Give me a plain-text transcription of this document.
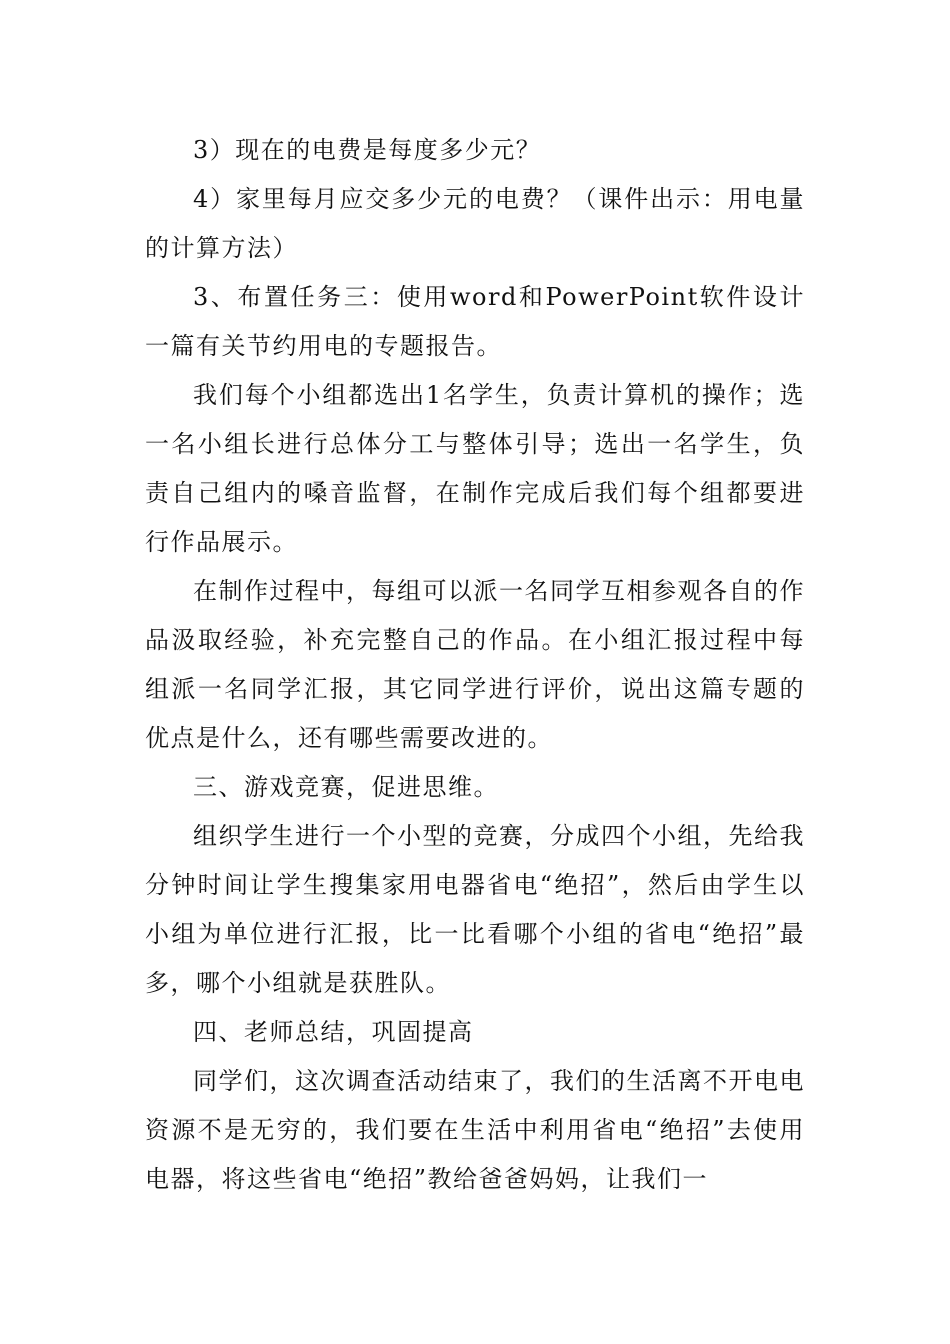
3）现在的电费是每度多少元？

4）家里每月应交多少元的电费？（课件出示：用电量的计算方法）

3、布置任务三：使用word和PowerPoint软件设计一篇有关节约用电的专题报告。

我们每个小组都选出1名学生，负责计算机的操作；选一名小组长进行总体分工与整体引导；选出一名学生，负责自己组内的嗓音监督，在制作完成后我们每个组都要进行作品展示。

在制作过程中，每组可以派一名同学互相参观各自的作品汲取经验，补充完整自己的作品。在小组汇报过程中每组派一名同学汇报，其它同学进行评价，说出这篇专题的优点是什么，还有哪些需要改进的。

三、游戏竞赛，促进思维。

组织学生进行一个小型的竞赛，分成四个小组，先给我分钟时间让学生搜集家用电器省电“绝招”，然后由学生以小组为单位进行汇报，比一比看哪个小组的省电“绝招”最多，哪个小组就是获胜队。

四、老师总结，巩固提高

同学们，这次调查活动结束了，我们的生活离不开电电资源不是无穷的，我们要在生活中利用省电“绝招”去使用电器，将这些省电“绝招”教给爸爸妈妈，让我们一
